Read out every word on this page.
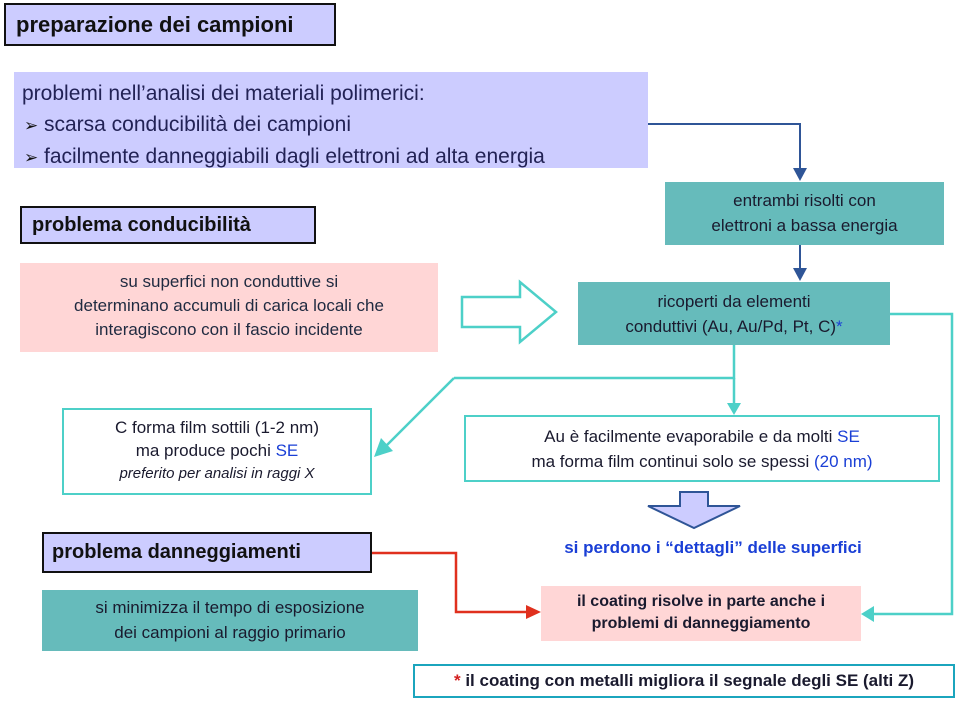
preparazione dei campioni
problemi nell’analisi dei materiali polimerici:
➢ scarsa conducibilità dei campioni
➢ facilmente danneggiabili dagli elettroni ad alta energia
entrambi risolti con
elettroni a bassa energia
problema conducibilità
su superfici non conduttive si
determinano accumuli di carica locali che
interagiscono con il fascio incidente
ricoperti da elementi
conduttivi (Au, Au/Pd, Pt, C)*
C forma film sottili (1-2 nm)
ma produce pochi SE
preferito per analisi in raggi X
Au è facilmente evaporabile e da molti SE
ma forma film continui solo se spessi (20 nm)
si perdono i “dettagli” delle superfici
problema danneggiamenti
si minimizza il tempo di esposizione
dei campioni al raggio primario
il coating risolve in parte anche i
problemi di danneggiamento
* il coating con metalli migliora il segnale degli SE (alti Z)
